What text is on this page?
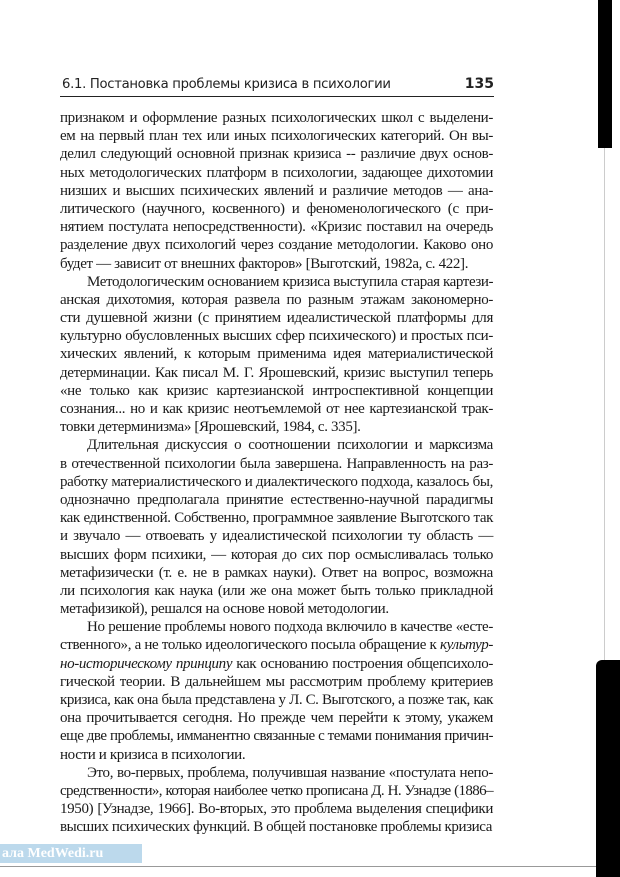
6.1. Постановка проблемы кризиса в психологии	135
признаком и оформление разных психологических школ с выделени-
ем на первый план тех или иных психологических категорий. Он вы-
делил следующий основной признак кризиса -- различие двух основ-
ных методологических платформ в психологии, задающее дихотомии
низших и высших психических явлений и различие методов — ана-
литического (научного, косвенного) и феноменологического (с при-
нятием постулата непосредственности). «Кризис поставил на очередь
разделение двух психологий через создание методологии. Каково оно
будет — зависит от внешних факторов» [Выготский, 1982а, с. 422].
Методологическим основанием кризиса выступила старая картези-
анская дихотомия, которая развела по разным этажам закономерно-
сти душевной жизни (с принятием идеалистической платформы для
культурно обусловленных высших сфер психического) и простых пси-
хических явлений, к которым применима идея материалистической
детерминации. Как писал М. Г. Ярошевский, кризис выступил теперь
«не только как кризис картезианской интроспективной концепции
сознания... но и как кризис неотъемлемой от нее картезианской трак-
товки детерминизма» [Ярошевский, 1984, с. 335].
Длительная дискуссия о соотношении психологии и марксизма
в отечественной психологии была завершена. Направленность на раз-
работку материалистического и диалектического подхода, казалось бы,
однозначно предполагала принятие естественно-научной парадигмы
как единственной. Собственно, программное заявление Выготского так
и звучало — отвоевать у идеалистической психологии ту область —
высших форм психики, — которая до сих пор осмысливалась только
метафизически (т. е. не в рамках науки). Ответ на вопрос, возможна
ли психология как наука (или же она может быть только прикладной
метафизикой), решался на основе новой методологии.
Но решение проблемы нового подхода включило в качестве «есте-
ственного», а не только идеологического посыла обращение к культур-
но-историческому принципу как основанию построения общепсихоло-
гической теории. В дальнейшем мы рассмотрим проблему критериев
кризиса, как она была представлена у Л. С. Выготского, а позже так, как
она прочитывается сегодня. Но прежде чем перейти к этому, укажем
еще две проблемы, имманентно связанные с темами понимания причин-
ности и кризиса в психологии.
Это, во-первых, проблема, получившая название «постулата непо-
средственности», которая наиболее четко прописана Д. Н. Узнадзе (1886–
1950) [Узнадзе, 1966]. Во-вторых, это проблема выделения специфики
высших психических функций. В общей постановке проблемы кризиса
ала MedWedi.ru
